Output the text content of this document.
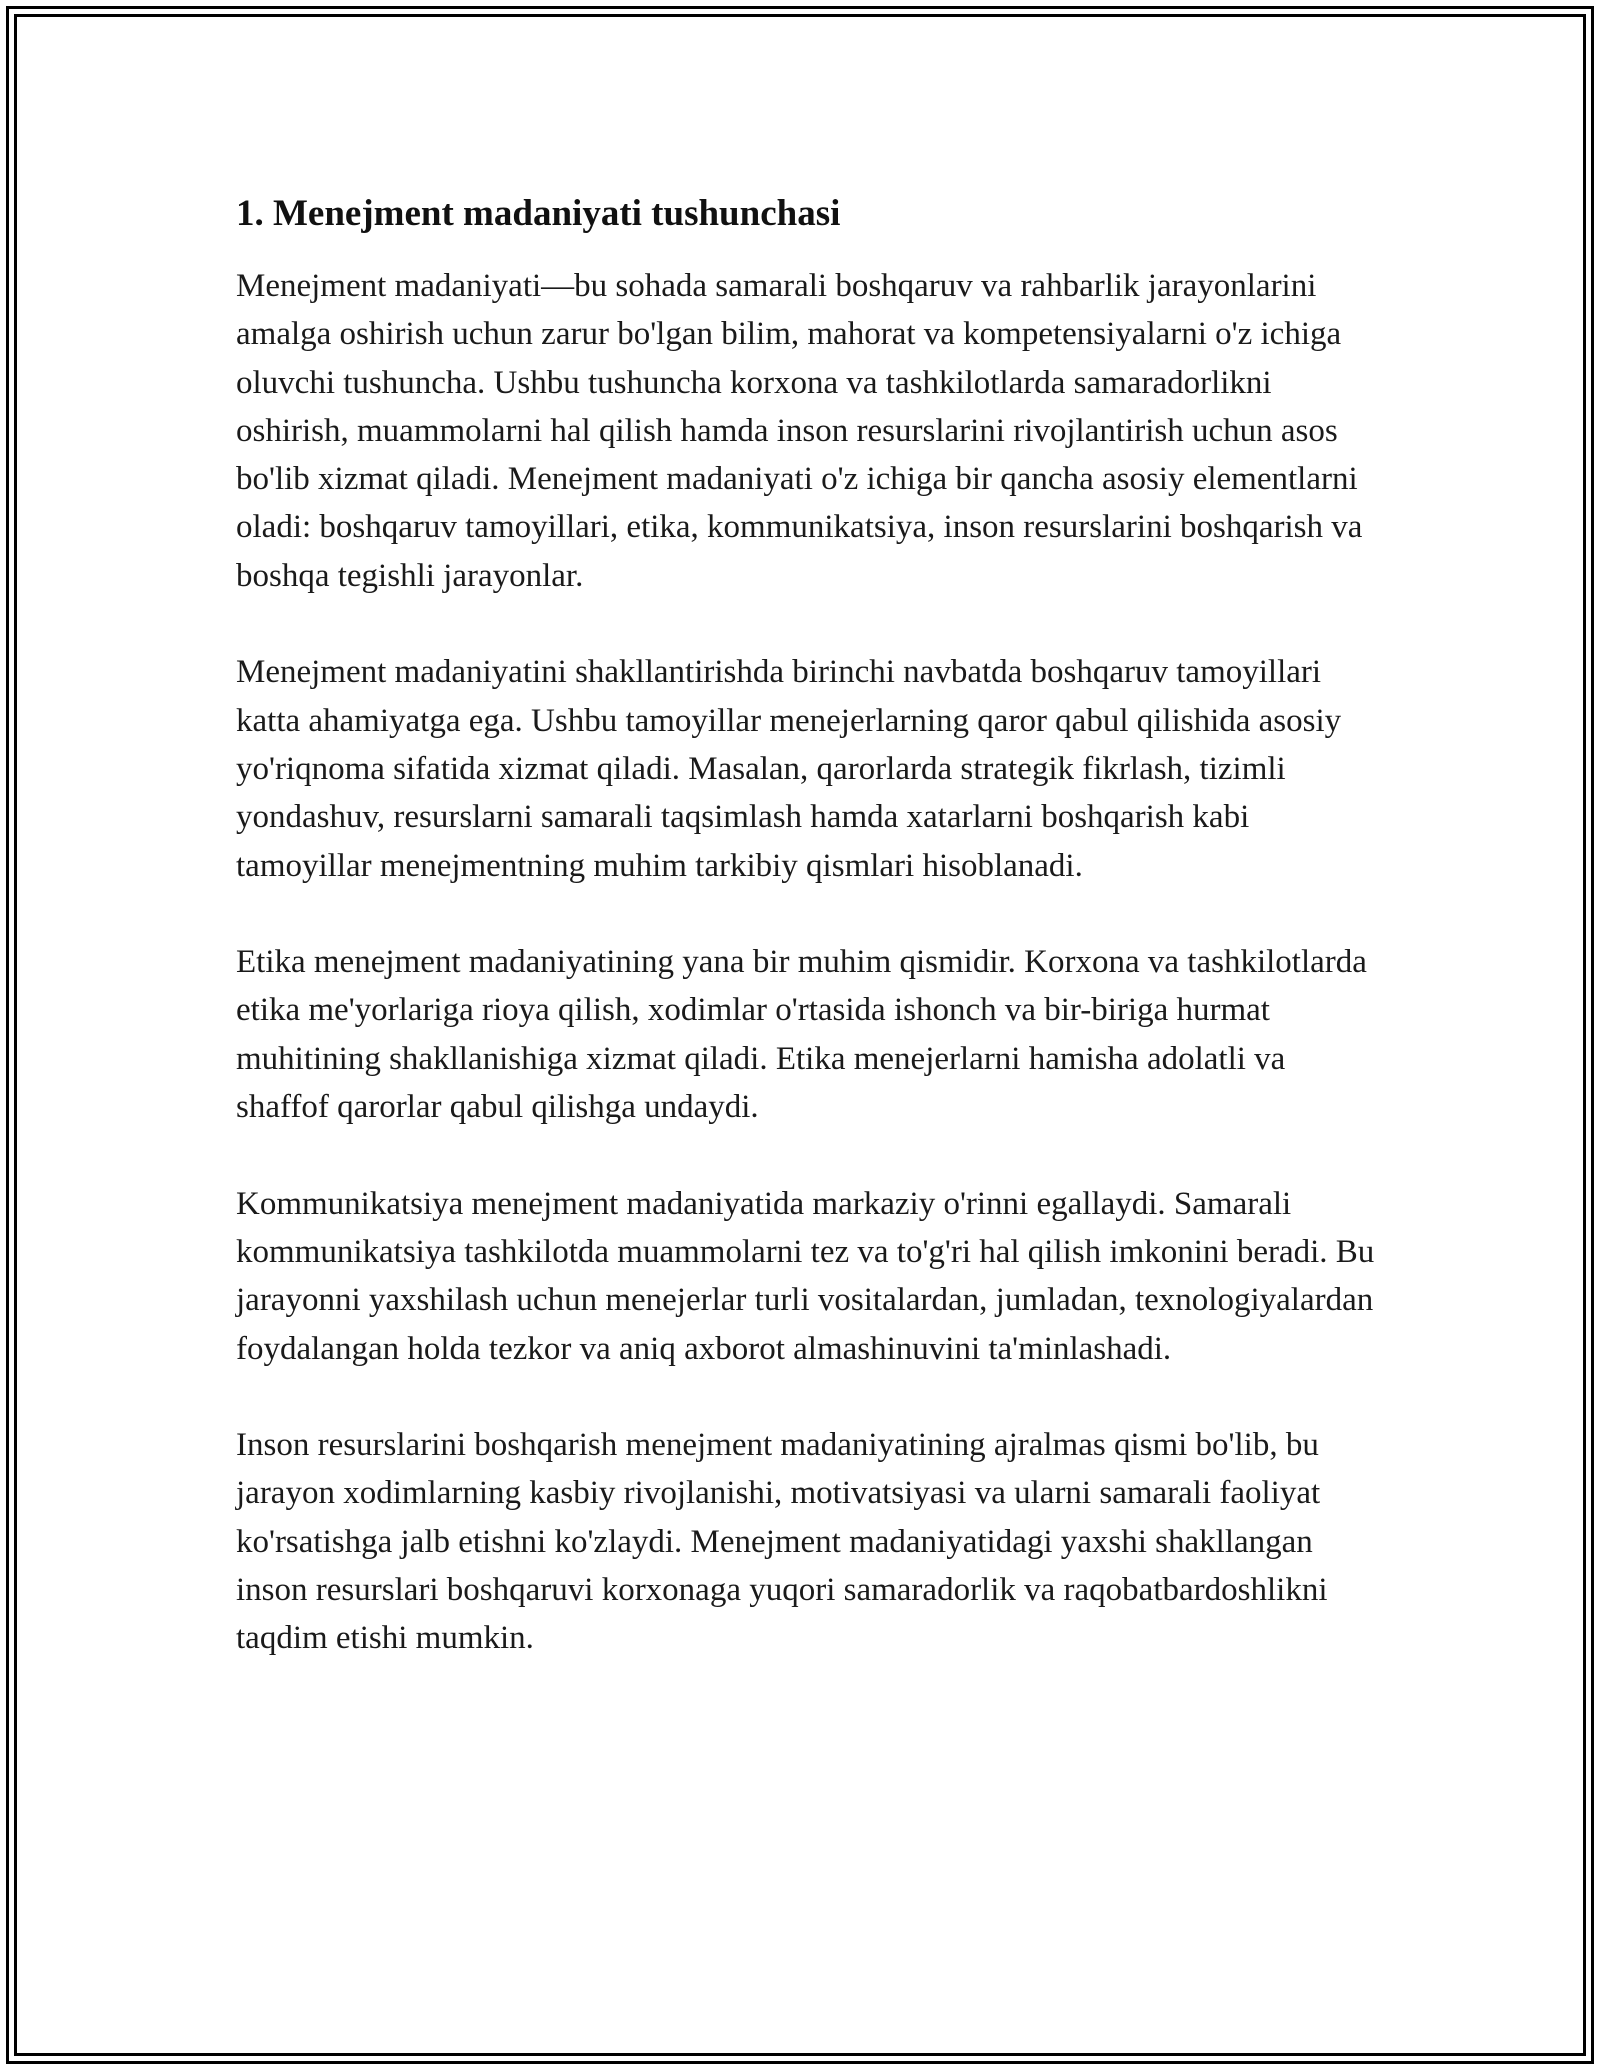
1. Menejment madaniyati tushunchasi

Menejment madaniyati—bu sohada samarali boshqaruv va rahbarlik jarayonlarini amalga oshirish uchun zarur bo'lgan bilim, mahorat va kompetensiyalarni o'z ichiga oluvchi tushuncha. Ushbu tushuncha korxona va tashkilotlarda samaradorlikni oshirish, muammolarni hal qilish hamda inson resurslarini rivojlantirish uchun asos bo'lib xizmat qiladi. Menejment madaniyati o'z ichiga bir qancha asosiy elementlarni oladi: boshqaruv tamoyillari, etika, kommunikatsiya, inson resurslarini boshqarish va boshqa tegishli jarayonlar.

Menejment madaniyatini shakllantirishda birinchi navbatda boshqaruv tamoyillari katta ahamiyatga ega. Ushbu tamoyillar menejerlarning qaror qabul qilishida asosiy yo'riqnoma sifatida xizmat qiladi. Masalan, qarorlarda strategik fikrlash, tizimli yondashuv, resurslarni samarali taqsimlash hamda xatarlarni boshqarish kabi tamoyillar menejmentning muhim tarkibiy qismlari hisoblanadi.

Etika menejment madaniyatining yana bir muhim qismidir. Korxona va tashkilotlarda etika me'yorlariga rioya qilish, xodimlar o'rtasida ishonch va bir-biriga hurmat muhitining shakllanishiga xizmat qiladi. Etika menejerlarni hamisha adolatli va shaffof qarorlar qabul qilishga undaydi.

Kommunikatsiya menejment madaniyatida markaziy o'rinni egallaydi. Samarali kommunikatsiya tashkilotda muammolarni tez va to'g'ri hal qilish imkonini beradi. Bu jarayonni yaxshilash uchun menejerlar turli vositalardan, jumladan, texnologiyalardan foydalangan holda tezkor va aniq axborot almashinuvini ta'minlashadi.

Inson resurslarini boshqarish menejment madaniyatining ajralmas qismi bo'lib, bu jarayon xodimlarning kasbiy rivojlanishi, motivatsiyasi va ularni samarali faoliyat ko'rsatishga jalb etishni ko'zlaydi. Menejment madaniyatidagi yaxshi shakllangan inson resurslari boshqaruvi korxonaga yuqori samaradorlik va raqobatbardoshlikni taqdim etishi mumkin.
